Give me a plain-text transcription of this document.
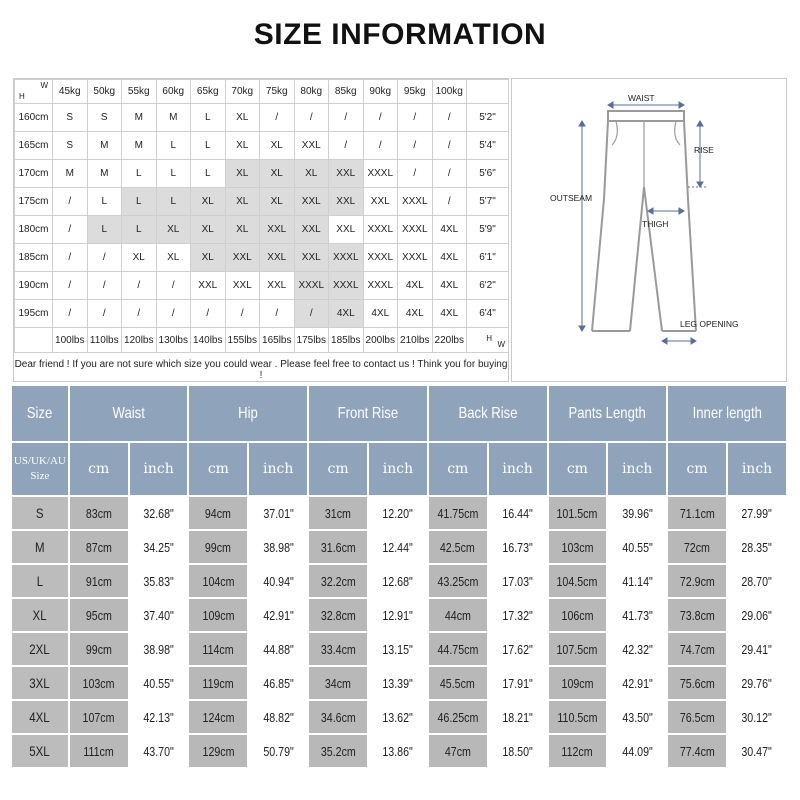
SIZE INFORMATION
H
W	45kg	50kg	55kg	60kg	65kg	70kg	75kg	80kg	85kg	90kg	95kg	100kg	
160cm	S	S	M	M	L	XL	/	/	/	/	/	/	5'2"
165cm	S	M	M	L	L	XL	XL	XXL	/	/	/	/	5'4"
170cm	M	M	L	L	L	XL	XL	XL	XXL	XXXL	/	/	5'6"
175cm	/	L	L	L	XL	XL	XL	XXL	XXL	XXL	XXXL	/	5'7"
180cm	/	L	L	XL	XL	XL	XXL	XXL	XXL	XXXL	XXXL	4XL	5'9"
185cm	/	/	XL	XL	XL	XXL	XXL	XXL	XXXL	XXXL	XXXL	4XL	6'1"
190cm	/	/	/	/	XXL	XXL	XXL	XXXL	XXXL	XXXL	4XL	4XL	6'2"
195cm	/	/	/	/	/	/	/	/	4XL	4XL	4XL	4XL	6'4"
	100lbs	110lbs	120lbs	130lbs	140lbs	155lbs	165lbs	175lbs	185lbs	200lbs	210lbs	220lbs	H
W
Dear friend ! If you are not sure which size you could wear . Please feel free to contact us ! Think you for buying !
WAIST
RISE
OUTSEAM
THIGH
LEG OPENING
Size	Waist		Hip		Front Rise		Back Rise		Pants Length		Inner length	
US/UK/AU
Size	cm	inch	cm	inch	cm	inch	cm	inch	cm	inch	cm	inch
S	83cm	32.68"	94cm	37.01"	31cm	12.20"	41.75cm	16.44"	101.5cm	39.96"	71.1cm	27.99"
M	87cm	34.25"	99cm	38.98"	31.6cm	12.44"	42.5cm	16.73"	103cm	40.55"	72cm	28.35"
L	91cm	35.83"	104cm	40.94"	32.2cm	12.68"	43.25cm	17.03"	104.5cm	41.14"	72.9cm	28.70"
XL	95cm	37.40"	109cm	42.91"	32.8cm	12.91"	44cm	17.32"	106cm	41.73"	73.8cm	29.06"
2XL	99cm	38.98"	114cm	44.88"	33.4cm	13.15"	44.75cm	17.62"	107.5cm	42.32"	74.7cm	29.41"
3XL	103cm	40.55"	119cm	46.85"	34cm	13.39"	45.5cm	17.91"	109cm	42.91"	75.6cm	29.76"
4XL	107cm	42.13"	124cm	48.82"	34.6cm	13.62"	46.25cm	18.21"	110.5cm	43.50"	76.5cm	30.12"
5XL	111cm	43.70"	129cm	50.79"	35.2cm	13.86"	47cm	18.50"	112cm	44.09"	77.4cm	30.47"
